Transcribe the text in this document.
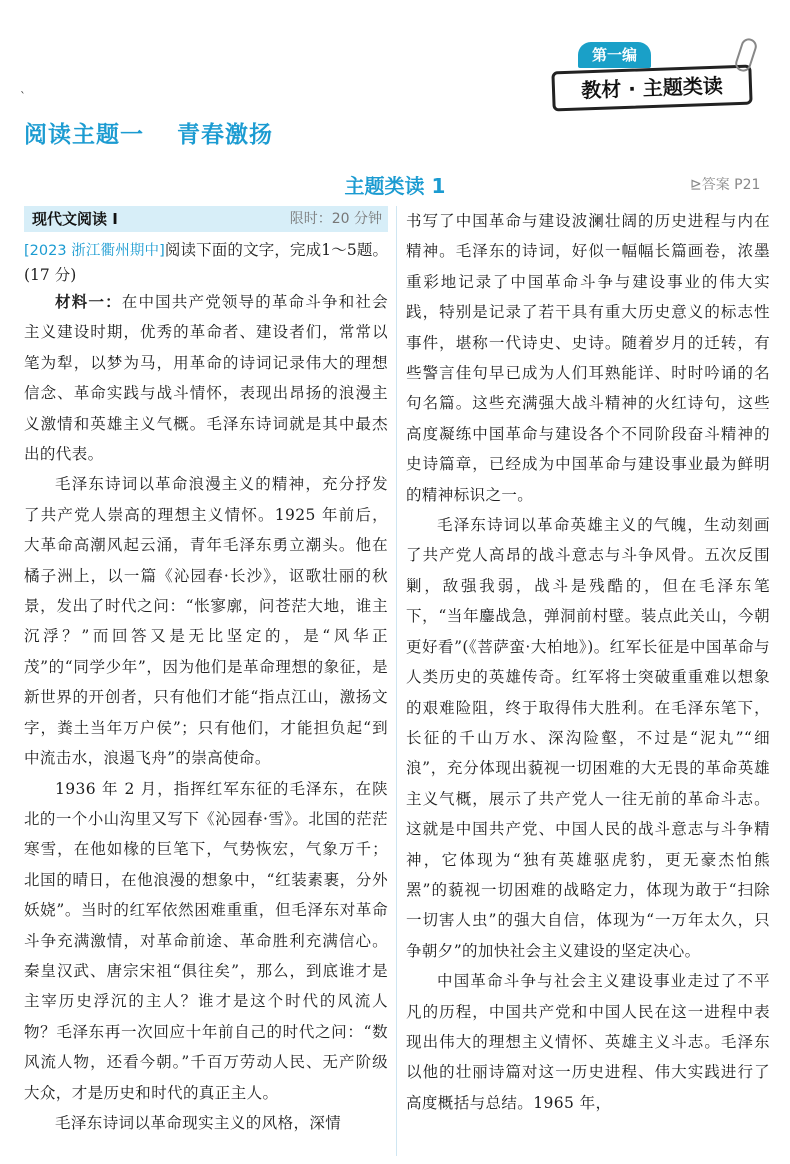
第一编
教材 · 主题类读
`
阅读主题一　 青春激扬
主题类读 1	⊵答案 P21
现代文阅读 I	限时：20 分钟
[2023 浙江衢州期中]阅读下面的文字，完成1～5题。(17 分)

材料一：在中国共产党领导的革命斗争和社会主义建设时期，优秀的革命者、建设者们，常常以笔为犁，以梦为马，用革命的诗词记录伟大的理想信念、革命实践与战斗情怀，表现出昂扬的浪漫主义激情和英雄主义气概。毛泽东诗词就是其中最杰出的代表。

毛泽东诗词以革命浪漫主义的精神，充分抒发了共产党人崇高的理想主义情怀。1925 年前后，大革命高潮风起云涌，青年毛泽东勇立潮头。他在橘子洲上，以一篇《沁园春·长沙》，讴歌壮丽的秋景，发出了时代之问：“怅寥廓，问苍茫大地，谁主沉浮？”而回答又是无比坚定的，是“风华正茂”的“同学少年”，因为他们是革命理想的象征，是新世界的开创者，只有他们才能“指点江山，激扬文字，粪土当年万户侯”；只有他们，才能担负起“到中流击水，浪遏飞舟”的崇高使命。

1936 年 2 月，指挥红军东征的毛泽东，在陕北的一个小山沟里又写下《沁园春·雪》。北国的茫茫寒雪，在他如椽的巨笔下，气势恢宏，气象万千；北国的晴日，在他浪漫的想象中，“红装素裹，分外妖娆”。当时的红军依然困难重重，但毛泽东对革命斗争充满激情，对革命前途、革命胜利充满信心。秦皇汉武、唐宗宋祖“俱往矣”，那么，到底谁才是主宰历史浮沉的主人？谁才是这个时代的风流人物？毛泽东再一次回应十年前自己的时代之问：“数风流人物，还看今朝。”千百万劳动人民、无产阶级大众，才是历史和时代的真正主人。

毛泽东诗词以革命现实主义的风格，深情

书写了中国革命与建设波澜壮阔的历史进程与内在精神。毛泽东的诗词，好似一幅幅长篇画卷，浓墨重彩地记录了中国革命斗争与建设事业的伟大实践，特别是记录了若干具有重大历史意义的标志性事件，堪称一代诗史、史诗。随着岁月的迁转，有些警言佳句早已成为人们耳熟能详、时时吟诵的名句名篇。这些充满强大战斗精神的火红诗句，这些高度凝练中国革命与建设各个不同阶段奋斗精神的史诗篇章，已经成为中国革命与建设事业最为鲜明的精神标识之一。

毛泽东诗词以革命英雄主义的气魄，生动刻画了共产党人高昂的战斗意志与斗争风骨。五次反围剿，敌强我弱，战斗是残酷的，但在毛泽东笔下，“当年鏖战急，弹洞前村壁。装点此关山，今朝更好看”(《菩萨蛮·大柏地》)。红军长征是中国革命与人类历史的英雄传奇。红军将士突破重重难以想象的艰难险阻，终于取得伟大胜利。在毛泽东笔下，长征的千山万水、深沟险壑，不过是“泥丸”“细浪”，充分体现出藐视一切困难的大无畏的革命英雄主义气概，展示了共产党人一往无前的革命斗志。这就是中国共产党、中国人民的战斗意志与斗争精神，它体现为“独有英雄驱虎豹，更无豪杰怕熊罴”的藐视一切困难的战略定力，体现为敢于“扫除一切害人虫”的强大自信，体现为“一万年太久，只争朝夕”的加快社会主义建设的坚定决心。

中国革命斗争与社会主义建设事业走过了不平凡的历程，中国共产党和中国人民在这一进程中表现出伟大的理想主义情怀、英雄主义斗志。毛泽东以他的壮丽诗篇对这一历史进程、伟大实践进行了高度概括与总结。1965 年，
